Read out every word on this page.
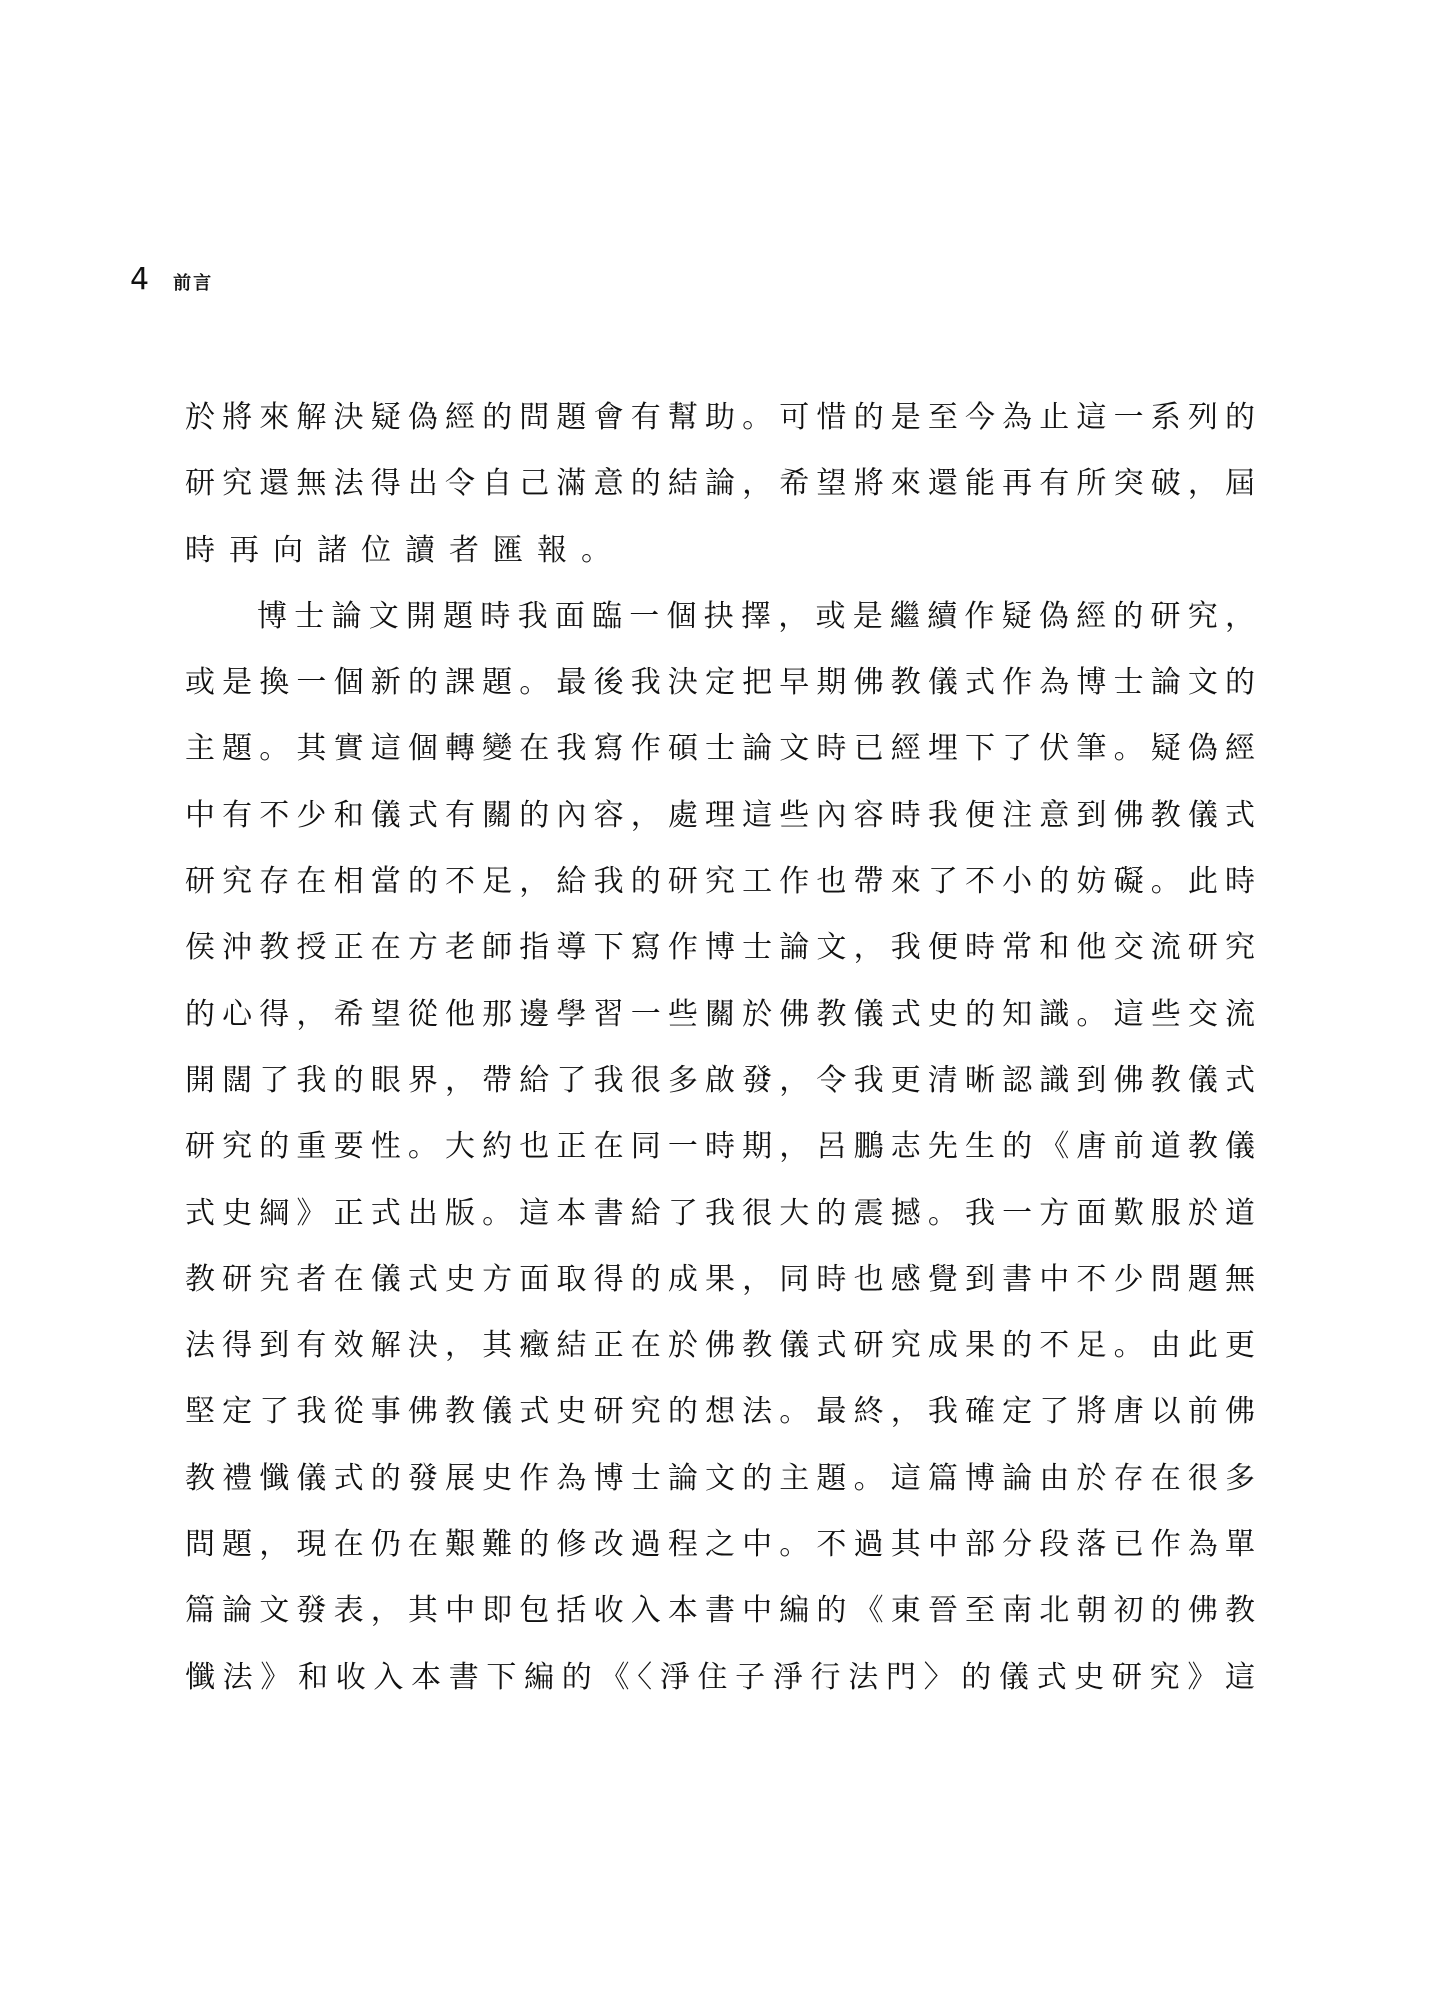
4 前言
於將來解決疑偽經的問題會有幫助。可惜的是至今為止這一系列的
研究還無法得出令自己滿意的結論，希望將來還能再有所突破，屆
時再向諸位讀者匯報。
博士論文開題時我面臨一個抉擇，或是繼續作疑偽經的研究，
或是換一個新的課題。最後我決定把早期佛教儀式作為博士論文的
主題。其實這個轉變在我寫作碩士論文時已經埋下了伏筆。疑偽經
中有不少和儀式有關的內容，處理這些內容時我便注意到佛教儀式
研究存在相當的不足，給我的研究工作也帶來了不小的妨礙。此時
侯沖教授正在方老師指導下寫作博士論文，我便時常和他交流研究
的心得，希望從他那邊學習一些關於佛教儀式史的知識。這些交流
開闊了我的眼界，帶給了我很多啟發，令我更清晰認識到佛教儀式
研究的重要性。大約也正在同一時期，呂鵬志先生的《唐前道教儀
式史綱》正式出版。這本書給了我很大的震撼。我一方面歎服於道
教研究者在儀式史方面取得的成果，同時也感覺到書中不少問題無
法得到有效解決，其癥結正在於佛教儀式研究成果的不足。由此更
堅定了我從事佛教儀式史研究的想法。最終，我確定了將唐以前佛
教禮懺儀式的發展史作為博士論文的主題。這篇博論由於存在很多
問題，現在仍在艱難的修改過程之中。不過其中部分段落已作為單
篇論文發表，其中即包括收入本書中編的《東晉至南北朝初的佛教
懺法》和收入本書下編的《〈淨住子淨行法門〉的儀式史研究》這
